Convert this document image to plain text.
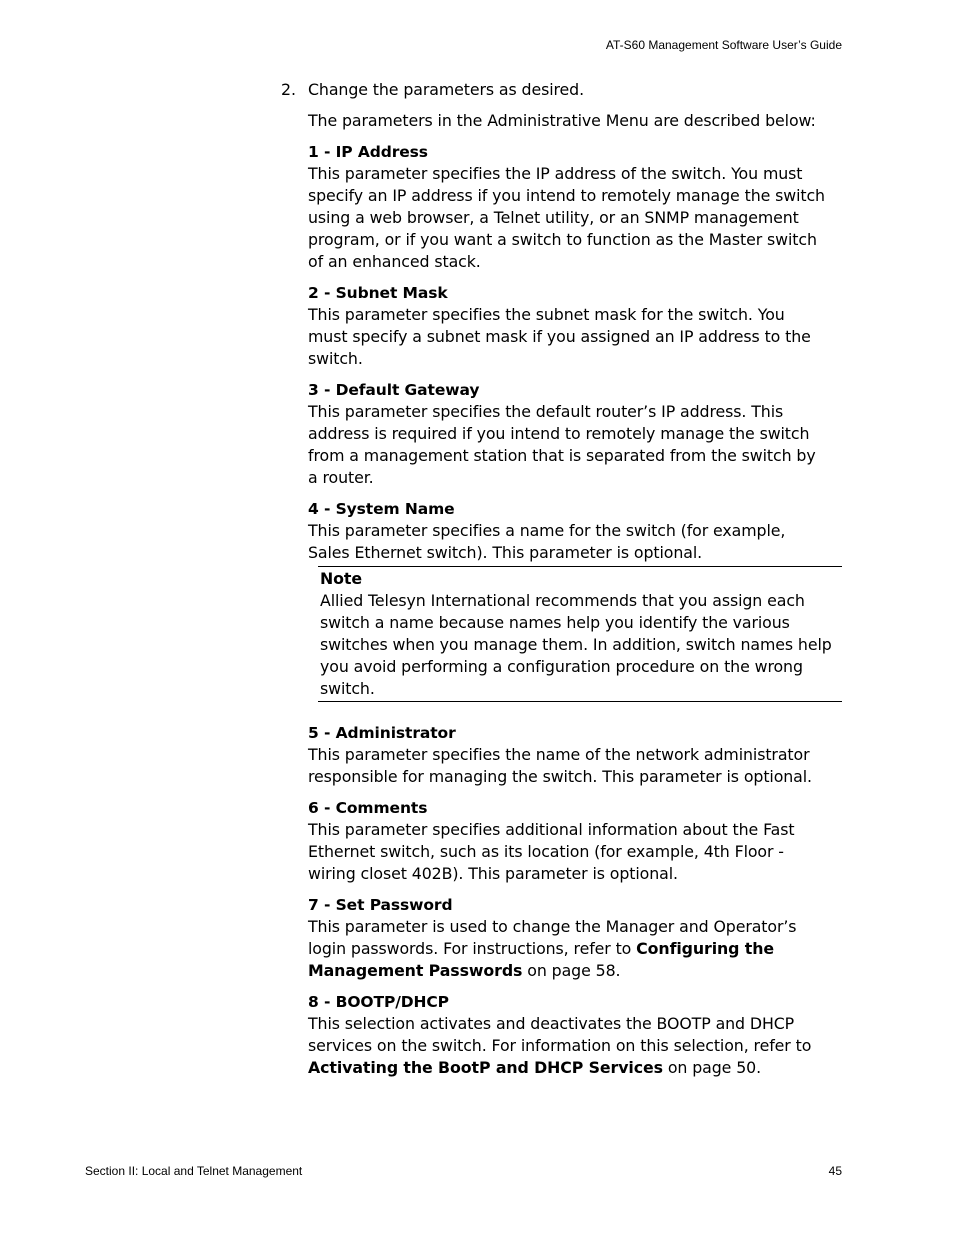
AT-S60 Management Software User’s Guide
2. Change the parameters as desired.

The parameters in the Administrative Menu are described below:

1 - IP Address
This parameter specifies the IP address of the switch. You must specify an IP address if you intend to remotely manage the switch using a web browser, a Telnet utility, or an SNMP management program, or if you want a switch to function as the Master switch of an enhanced stack.
2 - Subnet Mask
This parameter specifies the subnet mask for the switch. You must specify a subnet mask if you assigned an IP address to the switch.
3 - Default Gateway
This parameter specifies the default router’s IP address. This address is required if you intend to remotely manage the switch from a management station that is separated from the switch by a router.
4 - System Name
This parameter specifies a name for the switch (for example, Sales Ethernet switch). This parameter is optional.
Note
Allied Telesyn International recommends that you assign each switch a name because names help you identify the various switches when you manage them. In addition, switch names help you avoid performing a configuration procedure on the wrong switch.
5 - Administrator
This parameter specifies the name of the network administrator responsible for managing the switch. This parameter is optional.
6 - Comments
This parameter specifies additional information about the Fast Ethernet switch, such as its location (for example, 4th Floor - wiring closet 402B). This parameter is optional.
7 - Set Password
This parameter is used to change the Manager and Operator’s login passwords. For instructions, refer to Configuring the Management Passwords on page 58.
8 - BOOTP/DHCP
This selection activates and deactivates the BOOTP and DHCP services on the switch. For information on this selection, refer to Activating the BootP and DHCP Services on page 50.
Section II: Local and Telnet Management	45
